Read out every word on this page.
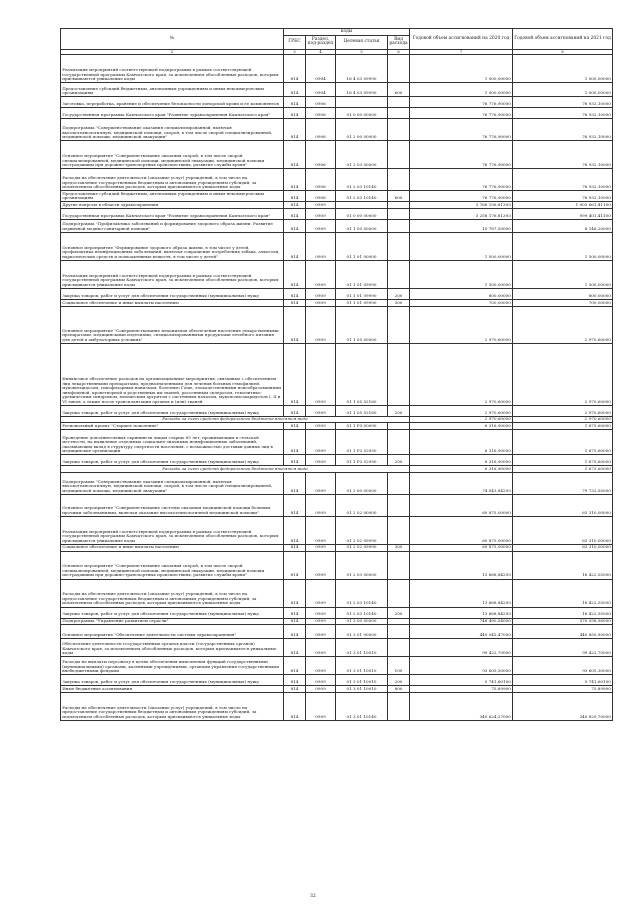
№	коды				Годовой объем ассигнований на 2020 год	Годовой объем ассигнований на 2021 год
	ГРБС	Раздел, под-раздел	Целевая статья	Вид расхода		
2	3	4	5	6	7	8
Реализация мероприятий соответствующей подпрограммы в рамках соответствующей государственной программы Камчатского края, за исключением обособленных расходов, которым присваиваются уникальные коды	814	0904	16 4 03 09990		1 000,00000	1 000,00000
Предоставление субсидий бюджетным, автономным учреждениям и иным некоммерческим организациям	814	0904	16 4 03 09990	600	1 000,00000	1 000,00000
Заготовка, переработка, хранение и обеспечение безопасности донорской крови и ее компонентов	814	0906			76 776,90000	76 932,10000
Государственная программа Камчатского края "Развитие здравоохранения Камчатского края"	814	0906	01 0 00 00000		76 776,90000	76 932,10000
Подпрограмма "Совершенствование оказания специализированной, включая высокотехнологичную, медицинской помощи, скорой, в том числе скорой специализированной, медицинской помощи, медицинской эвакуации"	814	0906	01 2 00 00000		76 776,90000	76 932,10000
Основное мероприятие "Совершенствование оказания скорой, в том числе скорой специализированной, медицинской помощи, медицинской эвакуации, медицинской помощи пострадавшим при дорожно-транспортных происшествиях, развитие службы крови"	814	0906	01 2 03 00000		76 776,90000	76 932,10000
Расходы на обеспечение деятельности (оказание услуг) учреждений, в том числе на предоставление государственным бюджетным и автономным учреждениям субсидий, за исключением обособленных расходов, которым присваиваются уникальные коды	814	0906	01 2 03 10140		76 776,90000	76 932,10000
Предоставление субсидий бюджетным, автономным учреждениям и иным некоммерческим организациям	814	0906	01 2 03 10140	600	76 776,90000	76 932,10000
Другие вопросы в области здравоохранения	814	0909			3 766 156,81393	1 003 661,41100
Государственная программа Камчатского края "Развитие здравоохранения Камчатского края"	814	0909	01 0 00 00000		3 258 176,81393	999 401,41100
Подпрограмма "Профилактика заболеваний и формирование здорового образа жизни. Развитие первичной медико-санитарной помощи"	814	0909	01 1 00 00000		10 787,50000	6 146,20000
Основное мероприятие "Формирование здорового образа жизни, в том числе у детей, профилактика неинфекционных заболеваний, включая сокращение потребления табака, алкоголя, наркотических средств и психоактивных веществ, в том числе у детей"	814	0909	01 1 01 00000		1 500,00000	1 500,00000
Реализация мероприятий соответствующей подпрограммы в рамках соответствующей государственной программы Камчатского края, за исключением обособленных расходов, которым присваиваются уникальные коды	814	0909	01 1 01 09990		1 500,00000	1 500,00000
Закупка товаров, работ и услуг для обеспечения государственных (муниципальных) нужд	814	0909	01 1 01 09990	200	800,00000	800,00000
Социальное обеспечение и иные выплаты населению	814	0909	01 1 01 09990	300	700,00000	700,00000
Основное мероприятие "Совершенствование механизмов обеспечения населения лекарственными препаратами, медицинскими изделиями, специализированными продуктами лечебного питания для детей в амбулаторных условиях"	814	0909	01 1 05 00000		2 970,60000	2 970,60000
Финансовое обеспечение расходов на организационные мероприятия, связанные с обеспечением лиц лекарственными препаратами, предназначенными для лечения больных гемофилией, муковисцидозом, гипофизарным нанизмом, болезнью Гоше, злокачественными новообразованиями лимфоидной, кроветворной и родственных им тканей, рассеянным склерозом, гемолитико-уремическим синдромом, юношеским артритом с системным началом, мукополисахаридозом I, II и VI типов, а также после трансплантации органов и (или) тканей	814	0909	01 1 05 52160		2 970,60000	2 970,60000
Закупка товаров, работ и услуг для обеспечения государственных (муниципальных) нужд	814	0909	01 1 05 52160	200	2 970,60000	2 970,60000
Расходы за счет средств федерального бюджета вносятся вида					2 970,60000	2 970,60000
Региональный проект "Старшее поколение"	814	0909	01 1 P3 00000		6 316,90000	1 675,60000
Проведение дополнительных скринингов лицам старше 65 лет, проживающим в сельской местности, на выявление отдельных социально-значимых неинфекционных заболеваний, оказывающих вклад в структуру смертности населения, с возможностью доставки данных лиц в медицинские организации	814	0909	01 1 P3 52950		6 316,90000	1 675,60000
Закупка товаров, работ и услуг для обеспечения государственных (муниципальных) нужд	814	0909	01 1 P3 52950	200	6 316,90000	1 675,60000
Расходы за счет средств федерального бюджета вносятся вида					6 316,90000	1 675,60000
Подпрограмма "Совершенствование оказания специализированной, включая высокотехнологичную, медицинской помощи, скорой, в том числе скорой специализированной, медицинской помощи, медицинской эвакуации"	814	0909	01 2 00 00000		74 543,84293	79 732,55000
Основное мероприятие "Совершенствование системы оказания медицинской помощи больным прочими заболеваниями, включая оказание высокотехнологичной медицинской помощи"	814	0909	01 2 02 00000		60 875,00000	63 310,00000
Реализация мероприятий соответствующей подпрограммы в рамках соответствующей государственной программы Камчатского края, за исключением обособленных расходов, которым присваиваются уникальные коды	814	0909	01 2 02 09990		60 875,00000	63 310,00000
Социальное обеспечение и иные выплаты населению	814	0909	01 2 02 09990	300	60 875,00000	63 310,00000
Основное мероприятие "Совершенствование оказания скорой, в том числе скорой специализированной, медицинской помощи, медицинской эвакуации, медицинской помощи пострадавшим при дорожно-транспортных происшествиях, развитие службы крови"	814	0909	01 2 03 00000		13 668,84293	16 422,55000
Расходы на обеспечение деятельности (оказание услуг) учреждений, в том числе на предоставление государственным бюджетным и автономным учреждениям субсидий, за исключением обособленных расходов, которым присваиваются уникальные коды	814	0909	01 2 03 10140		13 668,84293	16 422,55000
Закупка товаров, работ и услуг для обеспечения государственных (муниципальных) нужд	814	0909	01 2 03 10140	200	13 668,84293	16 422,55000
Подпрограмма "Управление развитием отрасли"	814	0909	01 3 00 00000		746 490,54000	570 558,56000
Основное мероприятие "Обеспечение деятельности системы здравоохранения"	814	0909	01 3 01 00000		440 045,47000	440 850,90000
Обеспечение деятельности государственных органов власти (государственных органов) Камчатского края, за исключением обособленных расходов, которым присваиваются уникальные коды	814	0909	01 3 01 10010		99 422,70000	99 422,70000
Расходы на выплаты персоналу в целях обеспечения выполнения функций государственными (муниципальными) органами, казенными учреждениями, органами управления государственными внебюджетными фондами	814	0909	01 3 01 10010	100	93 605,30000	93 605,30000
Закупка товаров, работ и услуг для обеспечения государственных (муниципальных) нужд	814	0909	01 3 01 10010	200	5 741,60100	5 741,60100
Иные бюджетные ассигнования	814	0909	01 3 01 10010	800	75,89900	75,89900
Расходы на обеспечение деятельности (оказание услуг) учреждений, в том числе на предоставление государственным бюджетным и автономным учреждениям субсидий, за исключением обособленных расходов, которым присваиваются уникальные коды	814	0909	01 3 01 10140		340 624,27000	340 829,70000
32
